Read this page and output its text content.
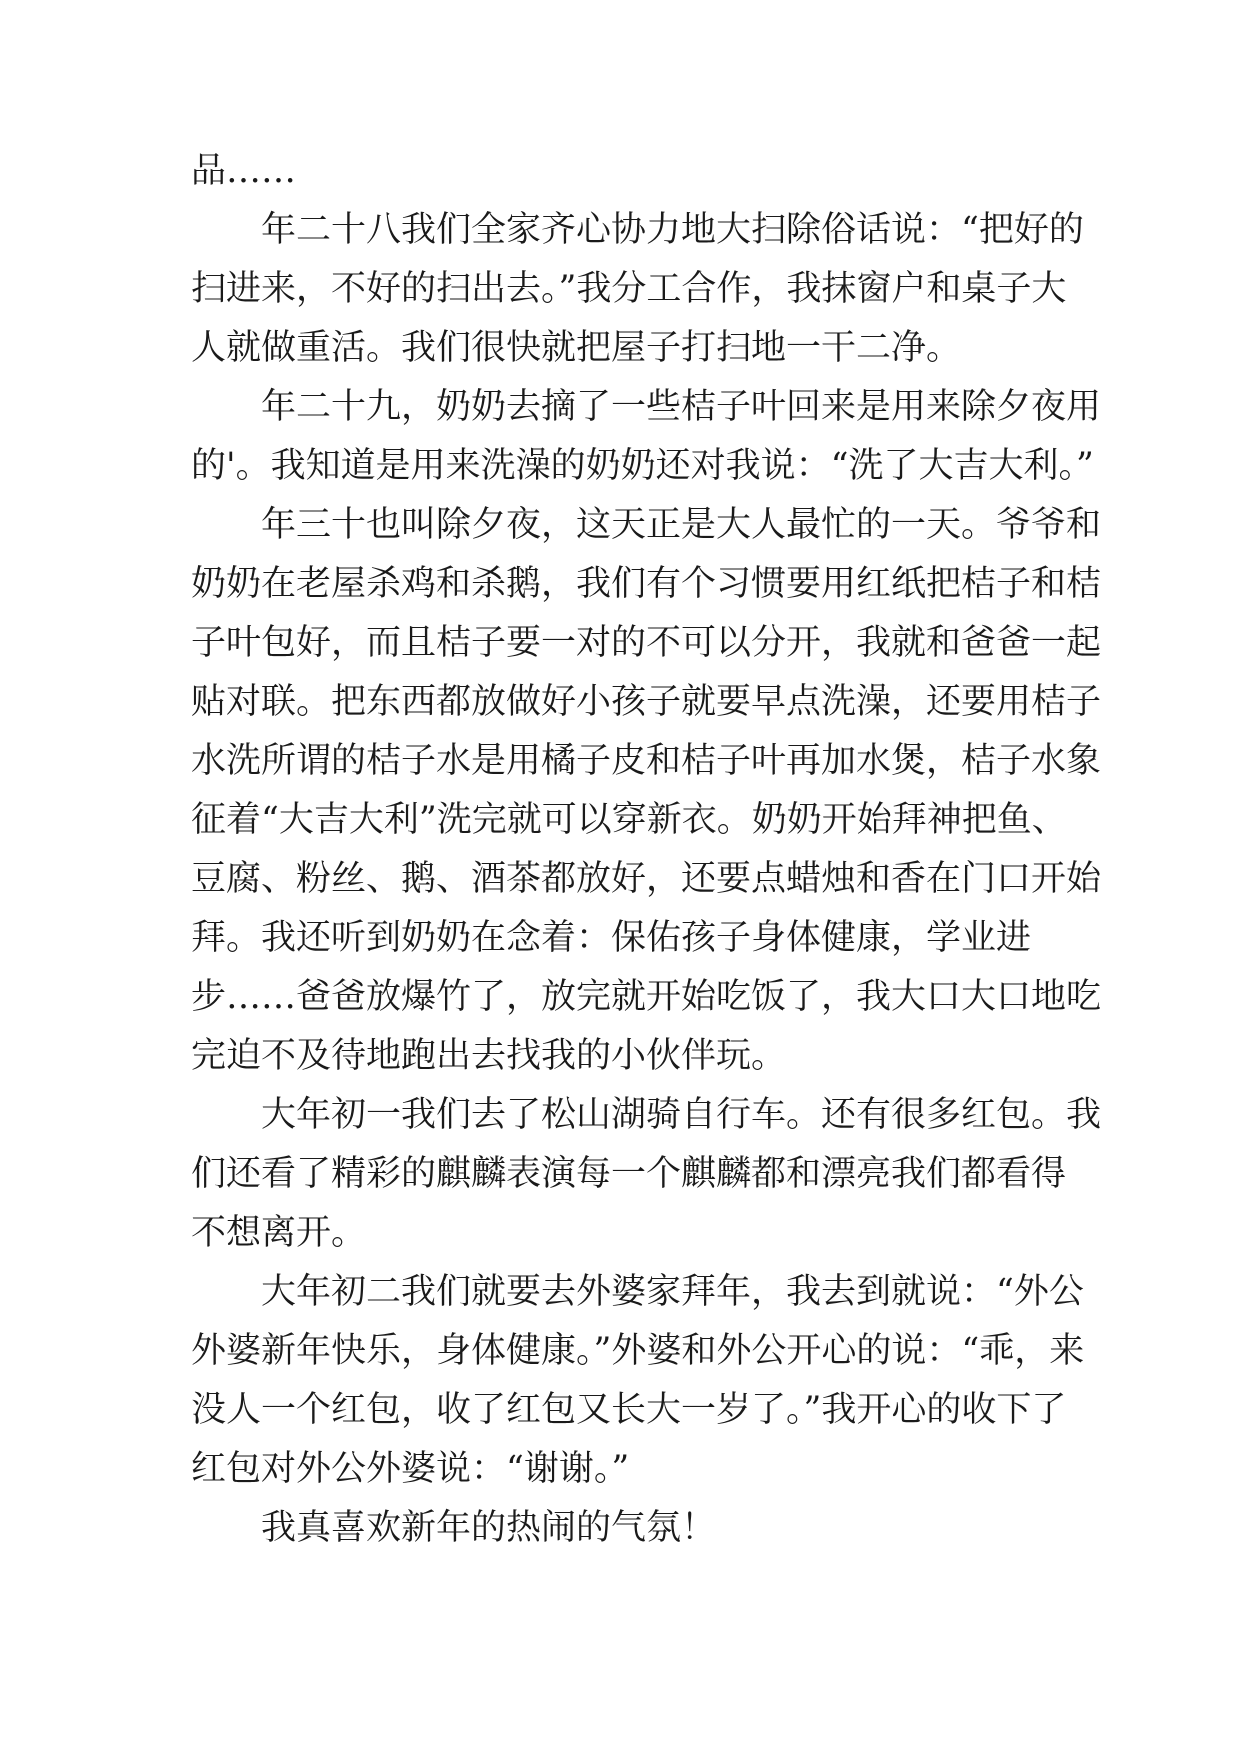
品……
年二十八我们全家齐心协力地大扫除俗话说：“把好的
扫进来，不好的扫出去。”我分工合作，我抹窗户和桌子大
人就做重活。我们很快就把屋子打扫地一干二净。
年二十九，奶奶去摘了一些桔子叶回来是用来除夕夜用
的'。我知道是用来洗澡的奶奶还对我说：“洗了大吉大利。”
年三十也叫除夕夜，这天正是大人最忙的一天。爷爷和
奶奶在老屋杀鸡和杀鹅，我们有个习惯要用红纸把桔子和桔
子叶包好，而且桔子要一对的不可以分开，我就和爸爸一起
贴对联。把东西都放做好小孩子就要早点洗澡，还要用桔子
水洗所谓的桔子水是用橘子皮和桔子叶再加水煲，桔子水象
征着“大吉大利”洗完就可以穿新衣。奶奶开始拜神把鱼、
豆腐、粉丝、鹅、酒茶都放好，还要点蜡烛和香在门口开始
拜。我还听到奶奶在念着：保佑孩子身体健康，学业进
步……爸爸放爆竹了，放完就开始吃饭了，我大口大口地吃
完迫不及待地跑出去找我的小伙伴玩。
大年初一我们去了松山湖骑自行车。还有很多红包。我
们还看了精彩的麒麟表演每一个麒麟都和漂亮我们都看得
不想离开。
大年初二我们就要去外婆家拜年，我去到就说：“外公
外婆新年快乐，身体健康。”外婆和外公开心的说：“乖，来
没人一个红包，收了红包又长大一岁了。”我开心的收下了
红包对外公外婆说：“谢谢。”
我真喜欢新年的热闹的气氛！
